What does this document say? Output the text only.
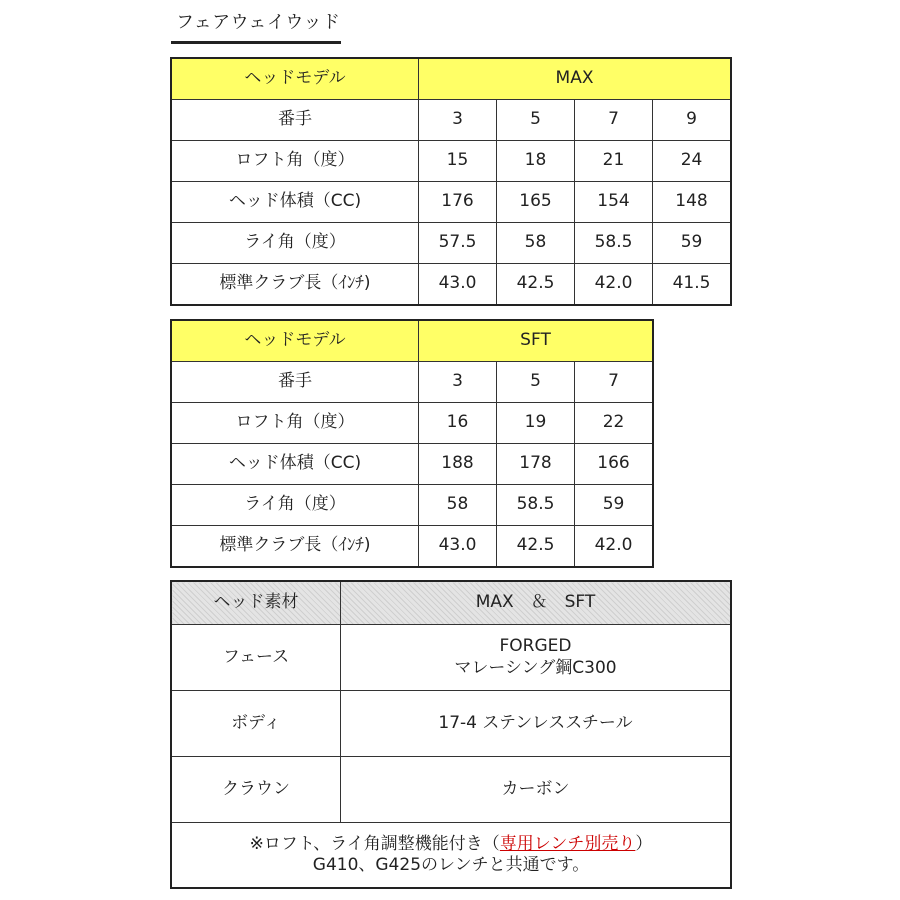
フェアウェイウッド
ヘッドモデル	MAX			
番手	3	5	7	9
ロフト角（度）	15	18	21	24
ヘッド体積（CC)	176	165	154	148
ライ角（度）	57.5	58	58.5	59
標準クラブ長（ｲﾝﾁ)	43.0	42.5	42.0	41.5
ヘッドモデル	SFT		
番手	3	5	7
ロフト角（度）	16	19	22
ヘッド体積（CC)	188	178	166
ライ角（度）	58	58.5	59
標準クラブ長（ｲﾝﾁ)	43.0	42.5	42.0
ヘッド素材	MAX　＆　SFT
フェース	FORGED
マレーシング鋼C300

ボディ	17-4 ステンレススチール
クラウン	カーボン

※ロフト、ライ角調整機能付き（専用レンチ別売り）
G410、G425のレンチと共通です。	
